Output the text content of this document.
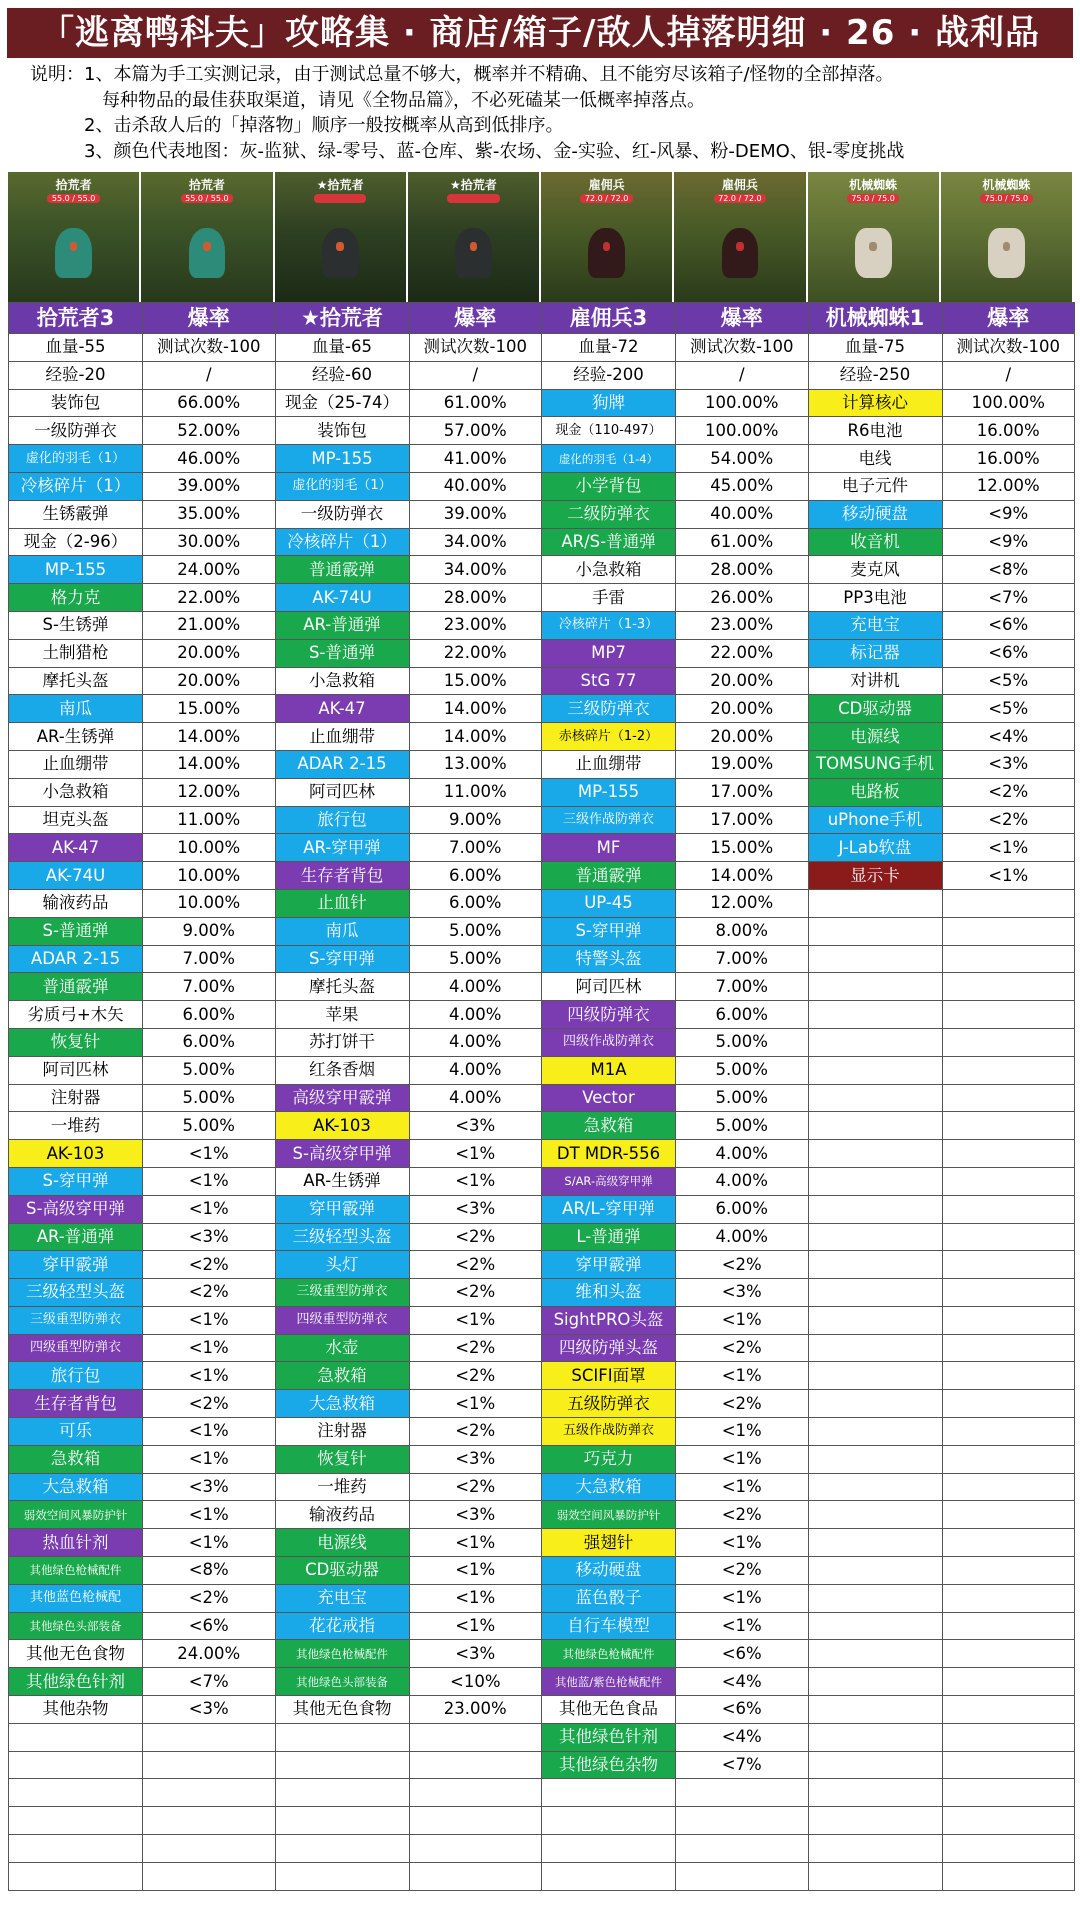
「逃离鸭科夫」攻略集 · 商店/箱子/敌人掉落明细 · 26 · 战利品
说明：1、本篇为手工实测记录，由于测试总量不够大，概率并不精确、且不能穷尽该箱子/怪物的全部掉落。
　　　　每种物品的最佳获取渠道，请见《全物品篇》，不必死磕某一低概率掉落点。
　　　2、击杀敌人后的「掉落物」顺序一般按概率从高到低排序。
　　　3、颜色代表地图：灰-监狱、绿-零号、蓝-仓库、紫-农场、金-实验、红-风暴、粉-DEMO、银-零度挑战
拾荒者
55.0 / 55.0
拾荒者
55.0 / 55.0
★拾荒者	★拾荒者	雇佣兵
72.0 / 72.0
雇佣兵
72.0 / 72.0
机械蜘蛛
75.0 / 75.0
机械蜘蛛
75.0 / 75.0
拾荒者3	爆率	★拾荒者	爆率	雇佣兵3	爆率	机械蜘蛛1	爆率
血量-55	测试次数-100	血量-65	测试次数-100	血量-72	测试次数-100	血量-75	测试次数-100
经验-20	/	经验-60	/	经验-200	/	经验-250	/
装饰包	66.00%	现金（25-74）	61.00%	狗牌	100.00%	计算核心	100.00%
一级防弹衣	52.00%	装饰包	57.00%	现金（110-497）	100.00%	R6电池	16.00%
虚化的羽毛（1）	46.00%	MP-155	41.00%	虚化的羽毛（1-4）	54.00%	电线	16.00%
冷核碎片（1）	39.00%	虚化的羽毛（1）	40.00%	小学背包	45.00%	电子元件	12.00%
生锈霰弹	35.00%	一级防弹衣	39.00%	二级防弹衣	40.00%	移动硬盘	<9%
现金（2-96）	30.00%	冷核碎片（1）	34.00%	AR/S-普通弹	61.00%	收音机	<9%
MP-155	24.00%	普通霰弹	34.00%	小急救箱	28.00%	麦克风	<8%
格力克	22.00%	AK-74U	28.00%	手雷	26.00%	PP3电池	<7%
S-生锈弹	21.00%	AR-普通弹	23.00%	冷核碎片（1-3）	23.00%	充电宝	<6%
土制猎枪	20.00%	S-普通弹	22.00%	MP7	22.00%	标记器	<6%
摩托头盔	20.00%	小急救箱	15.00%	StG 77	20.00%	对讲机	<5%
南瓜	15.00%	AK-47	14.00%	三级防弹衣	20.00%	CD驱动器	<5%
AR-生锈弹	14.00%	止血绷带	14.00%	赤核碎片（1-2）	20.00%	电源线	<4%
止血绷带	14.00%	ADAR 2-15	13.00%	止血绷带	19.00%	TOMSUNG手机	<3%
小急救箱	12.00%	阿司匹林	11.00%	MP-155	17.00%	电路板	<2%
坦克头盔	11.00%	旅行包	9.00%	三级作战防弹衣	17.00%	uPhone手机	<2%
AK-47	10.00%	AR-穿甲弹	7.00%	MF	15.00%	J-Lab软盘	<1%
AK-74U	10.00%	生存者背包	6.00%	普通霰弹	14.00%	显示卡	<1%
输液药品	10.00%	止血针	6.00%	UP-45	12.00%		
S-普通弹	9.00%	南瓜	5.00%	S-穿甲弹	8.00%		
ADAR 2-15	7.00%	S-穿甲弹	5.00%	特警头盔	7.00%		
普通霰弹	7.00%	摩托头盔	4.00%	阿司匹林	7.00%		
劣质弓+木矢	6.00%	苹果	4.00%	四级防弹衣	6.00%		
恢复针	6.00%	苏打饼干	4.00%	四级作战防弹衣	5.00%		
阿司匹林	5.00%	红条香烟	4.00%	M1A	5.00%		
注射器	5.00%	高级穿甲霰弹	4.00%	Vector	5.00%		
一堆药	5.00%	AK-103	<3%	急救箱	5.00%		
AK-103	<1%	S-高级穿甲弹	<1%	DT MDR-556	4.00%		
S-穿甲弹	<1%	AR-生锈弹	<1%	S/AR-高级穿甲弹	4.00%		
S-高级穿甲弹	<1%	穿甲霰弹	<3%	AR/L-穿甲弹	6.00%		
AR-普通弹	<3%	三级轻型头盔	<2%	L-普通弹	4.00%		
穿甲霰弹	<2%	头灯	<2%	穿甲霰弹	<2%		
三级轻型头盔	<2%	三级重型防弹衣	<2%	维和头盔	<3%		
三级重型防弹衣	<1%	四级重型防弹衣	<1%	SightPRO头盔	<1%		
四级重型防弹衣	<1%	水壶	<2%	四级防弹头盔	<2%		
旅行包	<1%	急救箱	<2%	SCIFI面罩	<1%		
生存者背包	<2%	大急救箱	<1%	五级防弹衣	<2%		
可乐	<1%	注射器	<2%	五级作战防弹衣	<1%		
急救箱	<1%	恢复针	<3%	巧克力	<1%		
大急救箱	<3%	一堆药	<2%	大急救箱	<1%		
弱效空间风暴防护针	<1%	输液药品	<3%	弱效空间风暴防护针	<2%		
热血针剂	<1%	电源线	<1%	强翅针	<1%		
其他绿色枪械配件	<8%	CD驱动器	<1%	移动硬盘	<2%		
其他蓝色枪械配	<2%	充电宝	<1%	蓝色骰子	<1%		
其他绿色头部装备	<6%	花花戒指	<1%	自行车模型	<1%		
其他无色食物	24.00%	其他绿色枪械配件	<3%	其他绿色枪械配件	<6%		
其他绿色针剂	<7%	其他绿色头部装备	<10%	其他蓝/紫色枪械配件	<4%		
其他杂物	<3%	其他无色食物	23.00%	其他无色食品	<6%		
				其他绿色针剂	<4%		
				其他绿色杂物	<7%		
